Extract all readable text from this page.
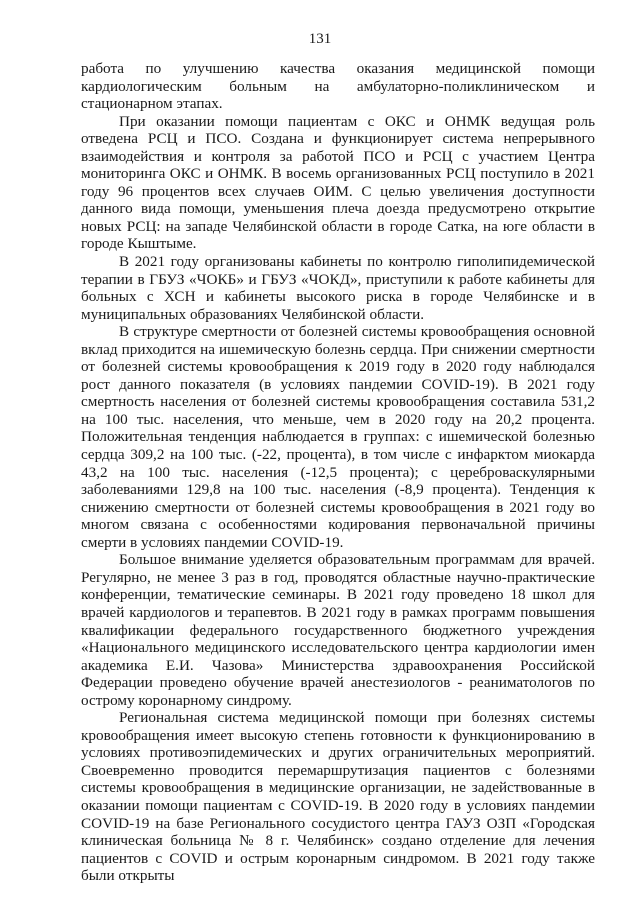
131

работа по улучшению качества оказания медицинской помощи кардиологическим больным на амбулаторно-поликлиническом и стационарном этапах.

При оказании помощи пациентам с ОКС и ОНМК ведущая роль отведена РСЦ и ПСО. Создана и функционирует система непрерывного взаимодействия и контроля за работой ПСО и РСЦ с участием Центра мониторинга ОКС и ОНМК. В восемь организованных РСЦ поступило в 2021 году 96 процентов всех случаев ОИМ. С целью увеличения доступности данного вида помощи, уменьшения плеча доезда предусмотрено открытие новых РСЦ: на западе Челябинской области в городе Сатка, на юге области в городе Кыштыме.

В 2021 году организованы кабинеты по контролю гиполипидемической терапии в ГБУЗ «ЧОКБ» и ГБУЗ «ЧОКД», приступили к работе кабинеты для больных с ХСН и кабинеты высокого риска в городе Челябинске и в муниципальных образованиях Челябинской области.

В структуре смертности от болезней системы кровообращения основной вклад приходится на ишемическую болезнь сердца. При снижении смертности от болезней системы кровообращения к 2019 году в 2020 году наблюдался рост данного показателя (в условиях пандемии COVID-19). В 2021 году смертность населения от болезней системы кровообращения составила 531,2 на 100 тыс. населения, что меньше, чем в 2020 году на 20,2 процента. Положительная тенденция наблюдается в группах: с ишемической болезнью сердца 309,2 на 100 тыс. (-22, процента), в том числе с инфарктом миокарда 43,2 на 100 тыс. населения (-12,5 процента); с цереброваскулярными заболеваниями 129,8 на 100 тыс. населения (-8,9 процента). Тенденция к снижению смертности от болезней системы кровообращения в 2021 году во многом связана с особенностями кодирования первоначальной причины смерти в условиях пандемии COVID-19.

Большое внимание уделяется образовательным программам для врачей. Регулярно, не менее 3 раз в год, проводятся областные научно-практические конференции, тематические семинары. В 2021 году проведено 18 школ для врачей кардиологов и терапевтов. В 2021 году в рамках программ повышения квалификации федерального государственного бюджетного учреждения «Национального медицинского исследовательского центра кардиологии имен академика Е.И. Чазова» Министерства здравоохранения Российской Федерации проведено обучение врачей анестезиологов - реаниматологов по острому коронарному синдрому.

Региональная система медицинской помощи при болезнях системы кровообращения имеет высокую степень готовности к функционированию в условиях противоэпидемических и других ограничительных мероприятий. Своевременно проводится перемаршрутизация пациентов с болезнями системы кровообращения в медицинские организации, не задействованные в оказании помощи пациентам с COVID-19. В 2020 году в условиях пандемии COVID-19 на базе Регионального сосудистого центра ГАУЗ ОЗП «Городская клиническая больница № 8 г. Челябинск» создано отделение для лечения пациентов с COVID и острым коронарным синдромом. В 2021 году также были открыты
